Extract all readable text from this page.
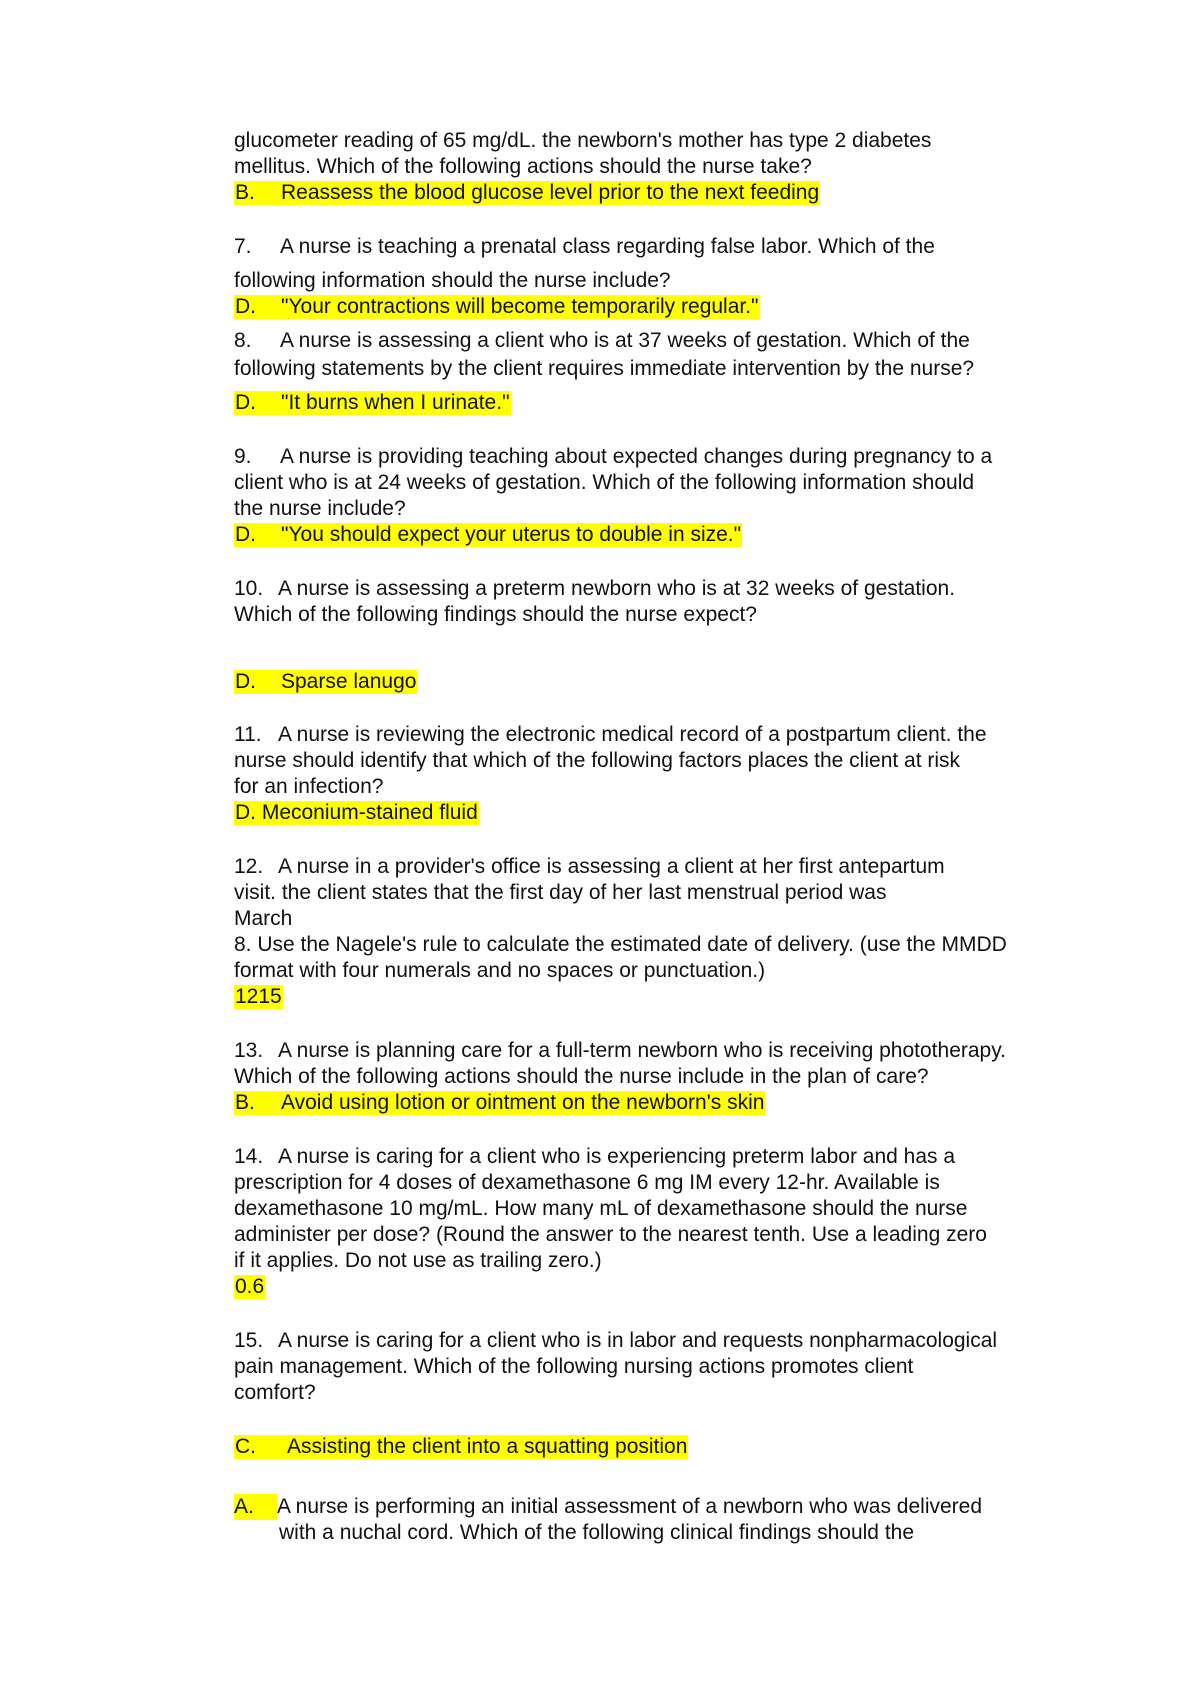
glucometer reading of 65 mg/dL. the newborn's mother has type 2 diabetes
mellitus. Which of the following actions should the nurse take?
B. Reassess the blood glucose level prior to the next feeding
7. A nurse is teaching a prenatal class regarding false labor. Which of the
following information should the nurse include?
D. "Your contractions will become temporarily regular."
8. A nurse is assessing a client who is at 37 weeks of gestation. Which of the
following statements by the client requires immediate intervention by the nurse?
D. "It burns when I urinate."
9. A nurse is providing teaching about expected changes during pregnancy to a
client who is at 24 weeks of gestation. Which of the following information should
the nurse include?
D. "You should expect your uterus to double in size."
10. A nurse is assessing a preterm newborn who is at 32 weeks of gestation.
Which of the following findings should the nurse expect?
D. Sparse lanugo
11. A nurse is reviewing the electronic medical record of a postpartum client. the
nurse should identify that which of the following factors places the client at risk
for an infection?
D. Meconium-stained fluid
12. A nurse in a provider's office is assessing a client at her first antepartum
visit. the client states that the first day of her last menstrual period was
March
8. Use the Nagele's rule to calculate the estimated date of delivery. (use the MMDD
format with four numerals and no spaces or punctuation.)
1215
13. A nurse is planning care for a full-term newborn who is receiving phototherapy.
Which of the following actions should the nurse include in the plan of care?
B. Avoid using lotion or ointment on the newborn's skin
14. A nurse is caring for a client who is experiencing preterm labor and has a
prescription for 4 doses of dexamethasone 6 mg IM every 12-hr. Available is
dexamethasone 10 mg/mL. How many mL of dexamethasone should the nurse
administer per dose? (Round the answer to the nearest tenth. Use a leading zero
if it applies. Do not use as trailing zero.)
0.6
15. A nurse is caring for a client who is in labor and requests nonpharmacological
pain management. Which of the following nursing actions promotes client
comfort?
C. Assisting the client into a squatting position
A. A nurse is performing an initial assessment of a newborn who was delivered
with a nuchal cord. Which of the following clinical findings should the
